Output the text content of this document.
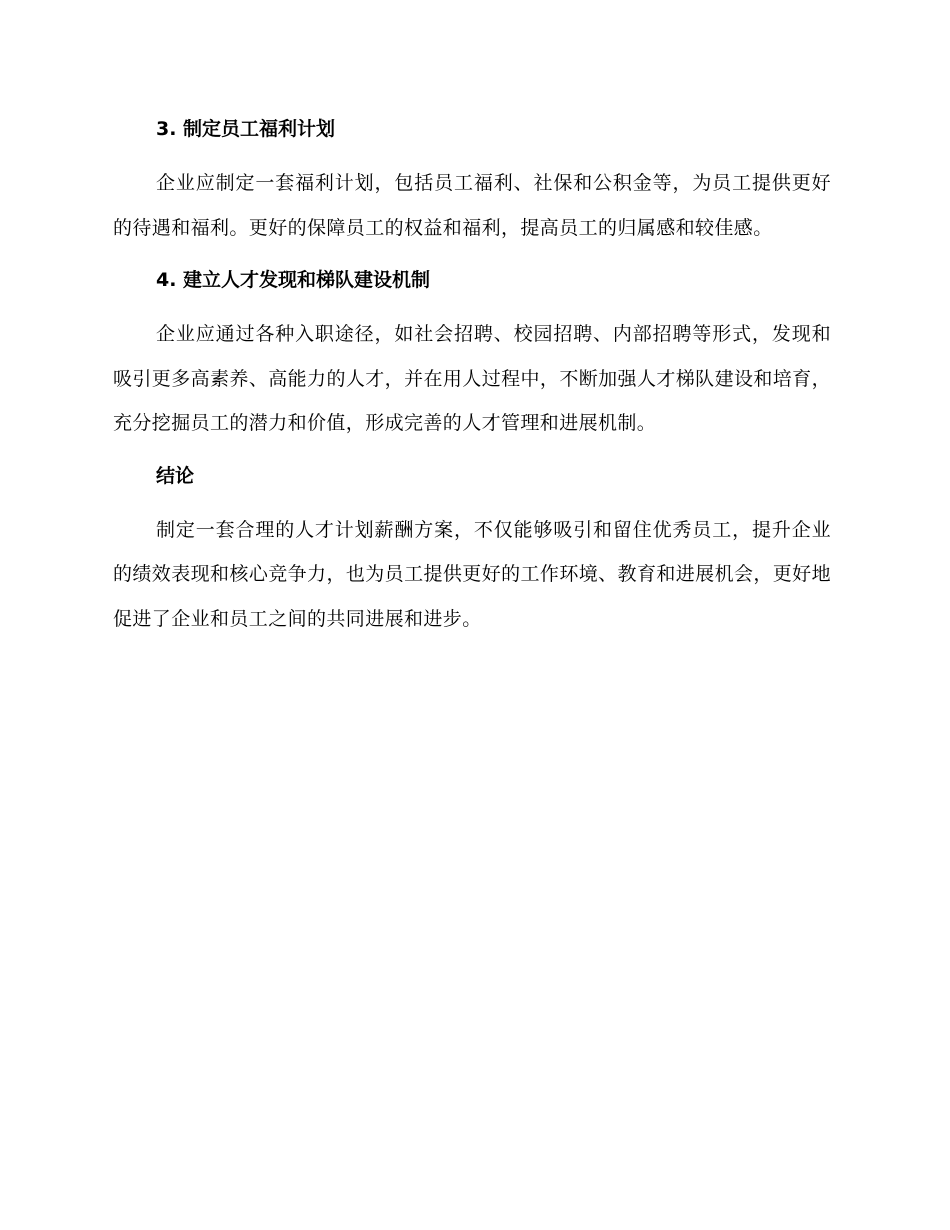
3. 制定员工福利计划

企业应制定一套福利计划，包括员工福利、社保和公积金等，为员工提供更好的待遇和福利。更好的保障员工的权益和福利，提高员工的归属感和较佳感。

4. 建立人才发现和梯队建设机制

企业应通过各种入职途径，如社会招聘、校园招聘、内部招聘等形式，发现和吸引更多高素养、高能力的人才，并在用人过程中，不断加强人才梯队建设和培育，充分挖掘员工的潜力和价值，形成完善的人才管理和进展机制。

结论

制定一套合理的人才计划薪酬方案，不仅能够吸引和留住优秀员工，提升企业的绩效表现和核心竞争力，也为员工提供更好的工作环境、教育和进展机会，更好地促进了企业和员工之间的共同进展和进步。
